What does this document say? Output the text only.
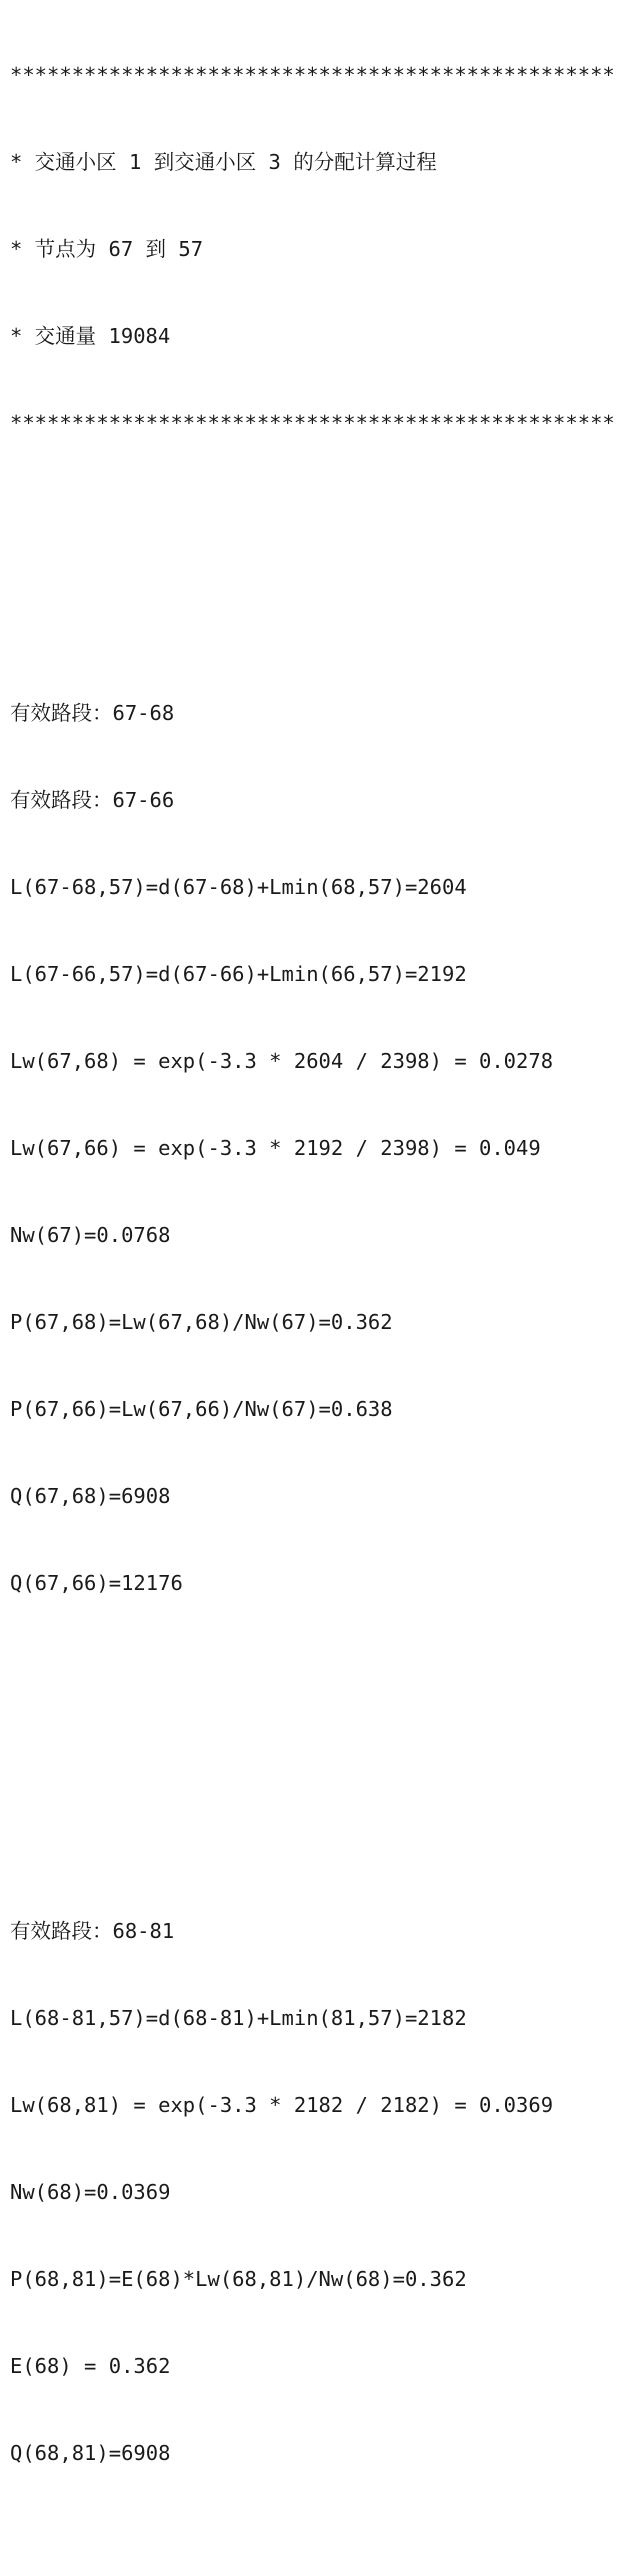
*************************************************

* 交通小区 1 到交通小区 3 的分配计算过程

* 节点为 67 到 57

* 交通量 19084

*************************************************

有效路段：67-68

有效路段：67-66

L(67-68,57)=d(67-68)+Lmin(68,57)=2604

L(67-66,57)=d(67-66)+Lmin(66,57)=2192

Lw(67,68) = exp(-3.3 * 2604 / 2398) = 0.0278

Lw(67,66) = exp(-3.3 * 2192 / 2398) = 0.049

Nw(67)=0.0768

P(67,68)=Lw(67,68)/Nw(67)=0.362

P(67,66)=Lw(67,66)/Nw(67)=0.638

Q(67,68)=6908

Q(67,66)=12176

有效路段：68-81

L(68-81,57)=d(68-81)+Lmin(81,57)=2182

Lw(68,81) = exp(-3.3 * 2182 / 2182) = 0.0369

Nw(68)=0.0369

P(68,81)=E(68)*Lw(68,81)/Nw(68)=0.362

E(68) = 0.362

Q(68,81)=6908
